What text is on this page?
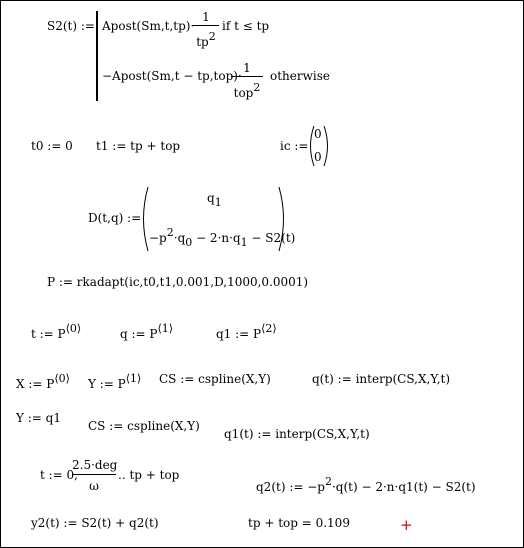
S2(t) := Apost(Sm,t,tp)·
$\frac{1}{tp2}$ if t ≤ tp
−Apost(Sm,t − tp,top)·
1
top2
otherwise
t0 := 0 t1 := tp + top	ic :=
0
0
D(t,q) :=
q1
−p2·q0 − 2·n·q1 − S2(t)
P := rkadapt(ic,t0,t1,0.001,D,1000,0.0001)
t := P⟨0⟩	q := P⟨1⟩	q1 := P⟨2⟩
X := P⟨0⟩ Y := P⟨1⟩ CS := cspline(X,Y)	q(t) := interp(CS,X,Y,t)
Y := q1
CS := cspline(X,Y)
q1(t) := interp(CS,X,Y,t)
t := 0,
2.5·deg
ω
.. tp + top
q2(t) := −p2·q(t) − 2·n·q1(t) − S2(t)
y2(t) := S2(t) + q2(t)	tp + top = 0.109	+
